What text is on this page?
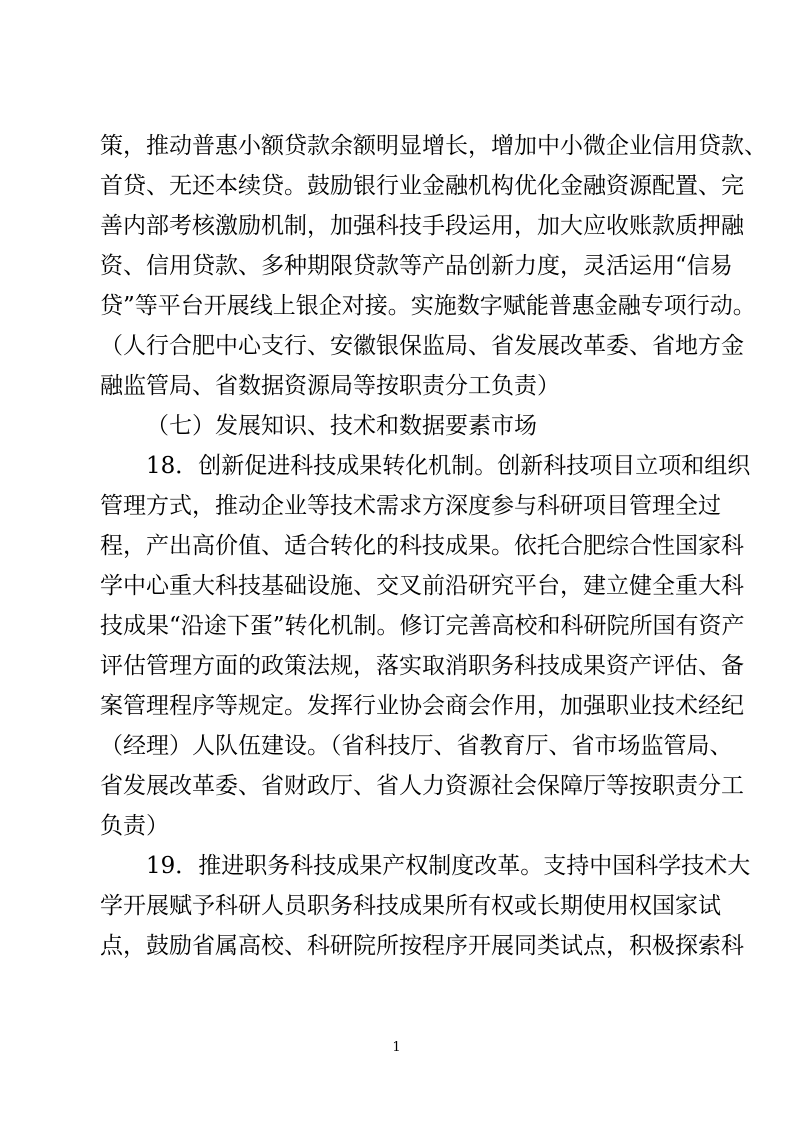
策，推动普惠小额贷款余额明显增长，增加中小微企业信用贷款、
首贷、无还本续贷。鼓励银行业金融机构优化金融资源配置、完
善内部考核激励机制，加强科技手段运用，加大应收账款质押融
资、信用贷款、多种期限贷款等产品创新力度，灵活运用“信易
贷”等平台开展线上银企对接。实施数字赋能普惠金融专项行动。
（人行合肥中心支行、安徽银保监局、省发展改革委、省地方金
融监管局、省数据资源局等按职责分工负责）
（七）发展知识、技术和数据要素市场
18．创新促进科技成果转化机制。创新科技项目立项和组织
管理方式，推动企业等技术需求方深度参与科研项目管理全过
程，产出高价值、适合转化的科技成果。依托合肥综合性国家科
学中心重大科技基础设施、交叉前沿研究平台，建立健全重大科
技成果“沿途下蛋”转化机制。修订完善高校和科研院所国有资产
评估管理方面的政策法规，落实取消职务科技成果资产评估、备
案管理程序等规定。发挥行业协会商会作用，加强职业技术经纪
（经理）人队伍建设。（省科技厅、省教育厅、省市场监管局、
省发展改革委、省财政厅、省人力资源社会保障厅等按职责分工
负责）
19．推进职务科技成果产权制度改革。支持中国科学技术大
学开展赋予科研人员职务科技成果所有权或长期使用权国家试
点，鼓励省属高校、科研院所按程序开展同类试点，积极探索科
1
